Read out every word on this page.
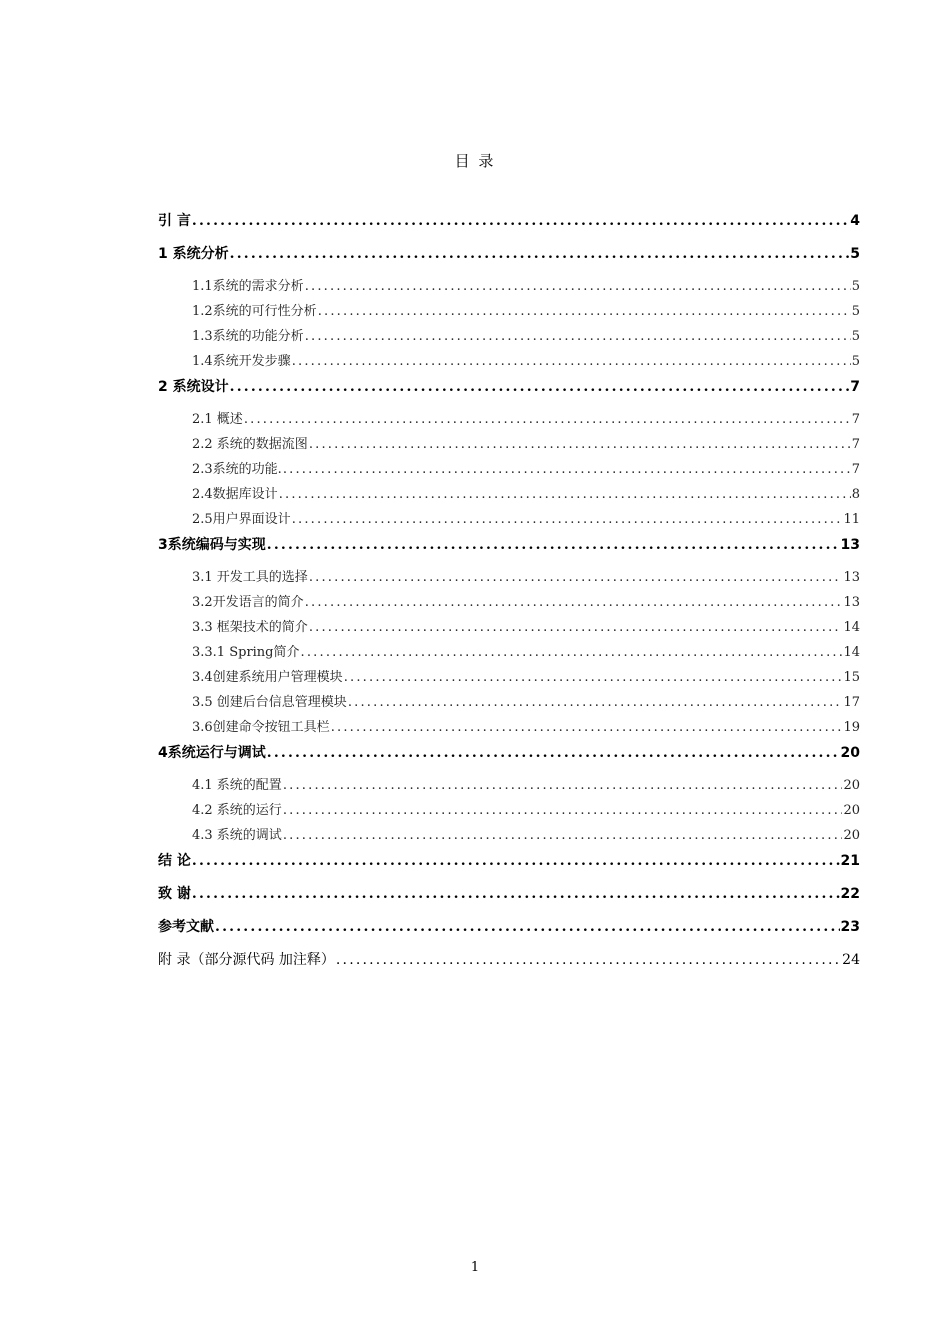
目 录
引 言 .....	4
1 系统分析 .....	5
1.1系统的需求分析 .....	5
1.2系统的可行性分析 .....	5
1.3系统的功能分析 .....	5
1.4系统开发步骤 .....	5
2 系统设计 .....	7
2.1 概述 .....	7
2.2 系统的数据流图 .....	7
2.3系统的功能. .....	7
2.4数据库设计 .....	8
2.5用户界面设计 .....	11
3系统编码与实现 .....	13
3.1 开发工具的选择 .....	13
3.2开发语言的简介 .....	13
3.3 框架技术的简介 .....	14
3.3.1 Spring简介 .....	14
3.4创建系统用户管理模块 .....	15
3.5 创建后台信息管理模块 .....	17
3.6创建命令按钮工具栏 .....	19
4系统运行与调试 .....	20
4.1 系统的配置 .....	20
4.2 系统的运行 .....	20
4.3 系统的调试 .....	20
结 论 .....	21
致 谢 .....	22
参考文献 .....	23
附 录（部分源代码 加注释） .....	24
1
